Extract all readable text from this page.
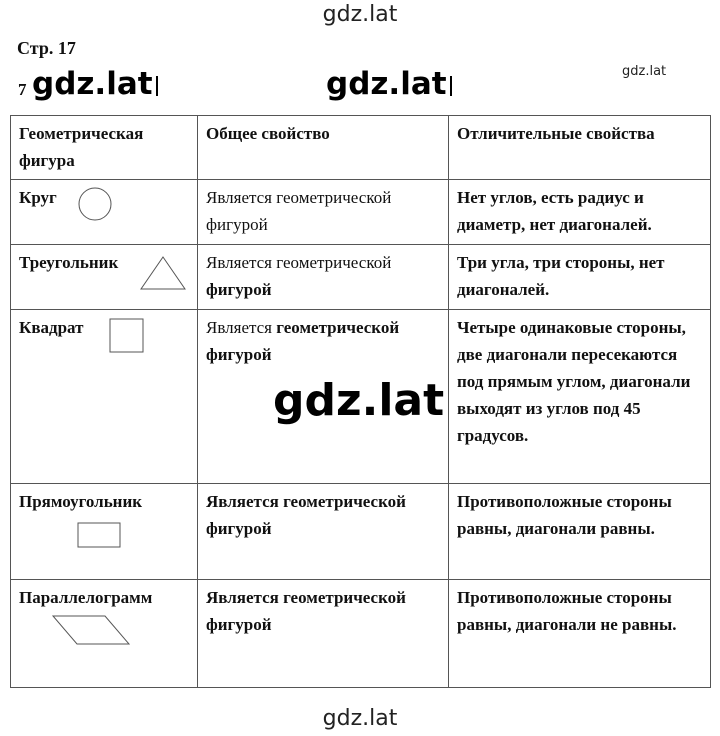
gdz.lat
gdz.lat
Стр. 17
7 gdz.lat	gdz.lat
Геометрическая фигура	Общее свойство	Отличительные свойства
Круг	Является геометрической фигурой	Нет углов, есть радиус и диаметр, нет диагоналей.
Треугольник	Является геометрической фигурой	Три угла, три стороны, нет диагоналей.
Квадрат	Является геометрической фигурой	Четыре одинаковые стороны, две диагонали пересекаются под прямым углом, диагонали выходят из углов под 45 градусов.
Прямоугольник	Является геометрической фигурой	Противоположные стороны равны, диагонали равны.
Параллелограмм	Является геометрической фигурой	Противоположные стороны равны, диагонали не равны.
gdz.lat
gdz.lat
